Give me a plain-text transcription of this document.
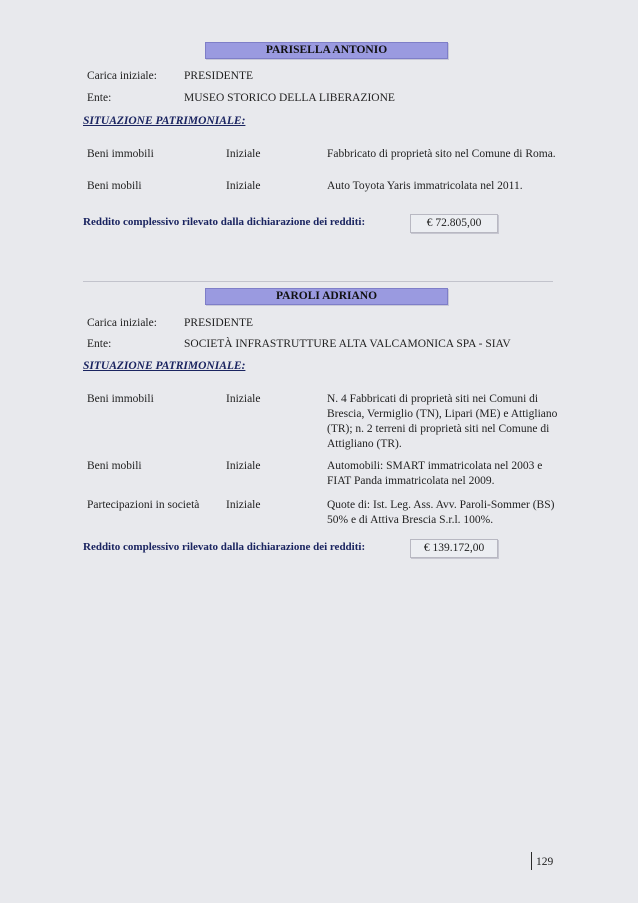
PARISELLA ANTONIO
Carica iniziale: PRESIDENTE
Ente:	MUSEO STORICO DELLA LIBERAZIONE
SITUAZIONE PATRIMONIALE:
Beni immobili	Iniziale	Fabbricato di proprietà sito nel Comune di Roma.
Beni mobili	Iniziale	Auto Toyota Yaris immatricolata nel 2011.
Reddito complessivo rilevato dalla dichiarazione dei redditi:	€ 72.805,00
PAROLI ADRIANO
Carica iniziale: PRESIDENTE
Ente:	SOCIETÀ INFRASTRUTTURE ALTA VALCAMONICA SPA - SIAV
SITUAZIONE PATRIMONIALE:
Beni immobili	Iniziale	N. 4 Fabbricati di proprietà siti nei Comuni di Brescia, Vermiglio (TN), Lipari (ME) e Attigliano (TR); n. 2 terreni di proprietà siti nel Comune di Attigliano (TR).
Beni mobili	Iniziale	Automobili: SMART immatricolata nel 2003 e FIAT Panda immatricolata nel 2009.
Partecipazioni in società Iniziale	Quote di: Ist. Leg. Ass. Avv. Paroli-Sommer (BS) 50% e di Attiva Brescia S.r.l. 100%.
Reddito complessivo rilevato dalla dichiarazione dei redditi:	€ 139.172,00
129
